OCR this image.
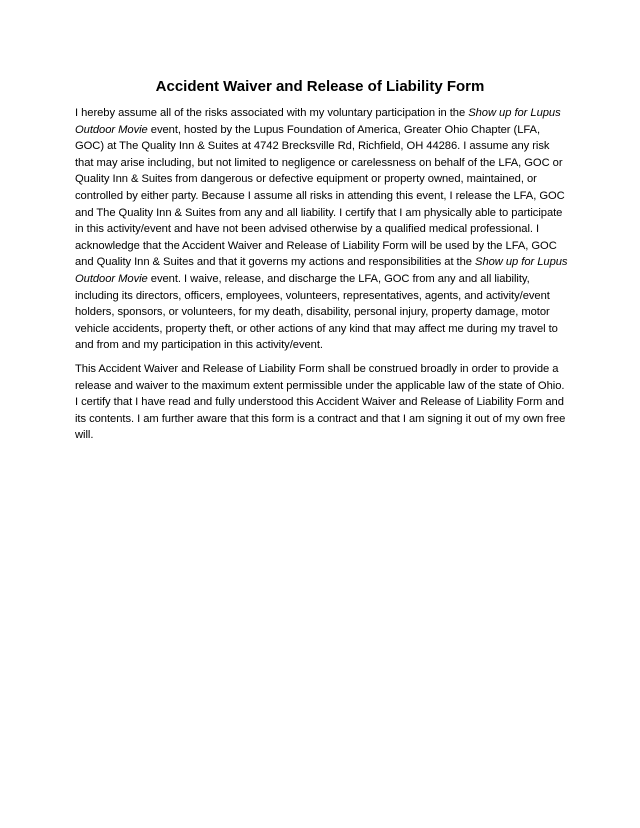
Accident Waiver and Release of Liability Form

I hereby assume all of the risks associated with my voluntary participation in the Show up for Lupus Outdoor Movie event, hosted by the Lupus Foundation of America, Greater Ohio Chapter (LFA, GOC) at The Quality Inn & Suites at 4742 Brecksville Rd, Richfield, OH 44286. I assume any risk that may arise including, but not limited to negligence or carelessness on behalf of the LFA, GOC or Quality Inn & Suites from dangerous or defective equipment or property owned, maintained, or controlled by either party. Because I assume all risks in attending this event, I release the LFA, GOC and The Quality Inn & Suites from any and all liability. I certify that I am physically able to participate in this activity/event and have not been advised otherwise by a qualified medical professional. I acknowledge that the Accident Waiver and Release of Liability Form will be used by the LFA, GOC and Quality Inn & Suites and that it governs my actions and responsibilities at the Show up for Lupus Outdoor Movie event. I waive, release, and discharge the LFA, GOC from any and all liability, including its directors, officers, employees, volunteers, representatives, agents, and activity/event holders, sponsors, or volunteers, for my death, disability, personal injury, property damage, motor vehicle accidents, property theft, or other actions of any kind that may affect me during my travel to and from and my participation in this activity/event.

This Accident Waiver and Release of Liability Form shall be construed broadly in order to provide a release and waiver to the maximum extent permissible under the applicable law of the state of Ohio. I certify that I have read and fully understood this Accident Waiver and Release of Liability Form and its contents. I am further aware that this form is a contract and that I am signing it out of my own free will.
